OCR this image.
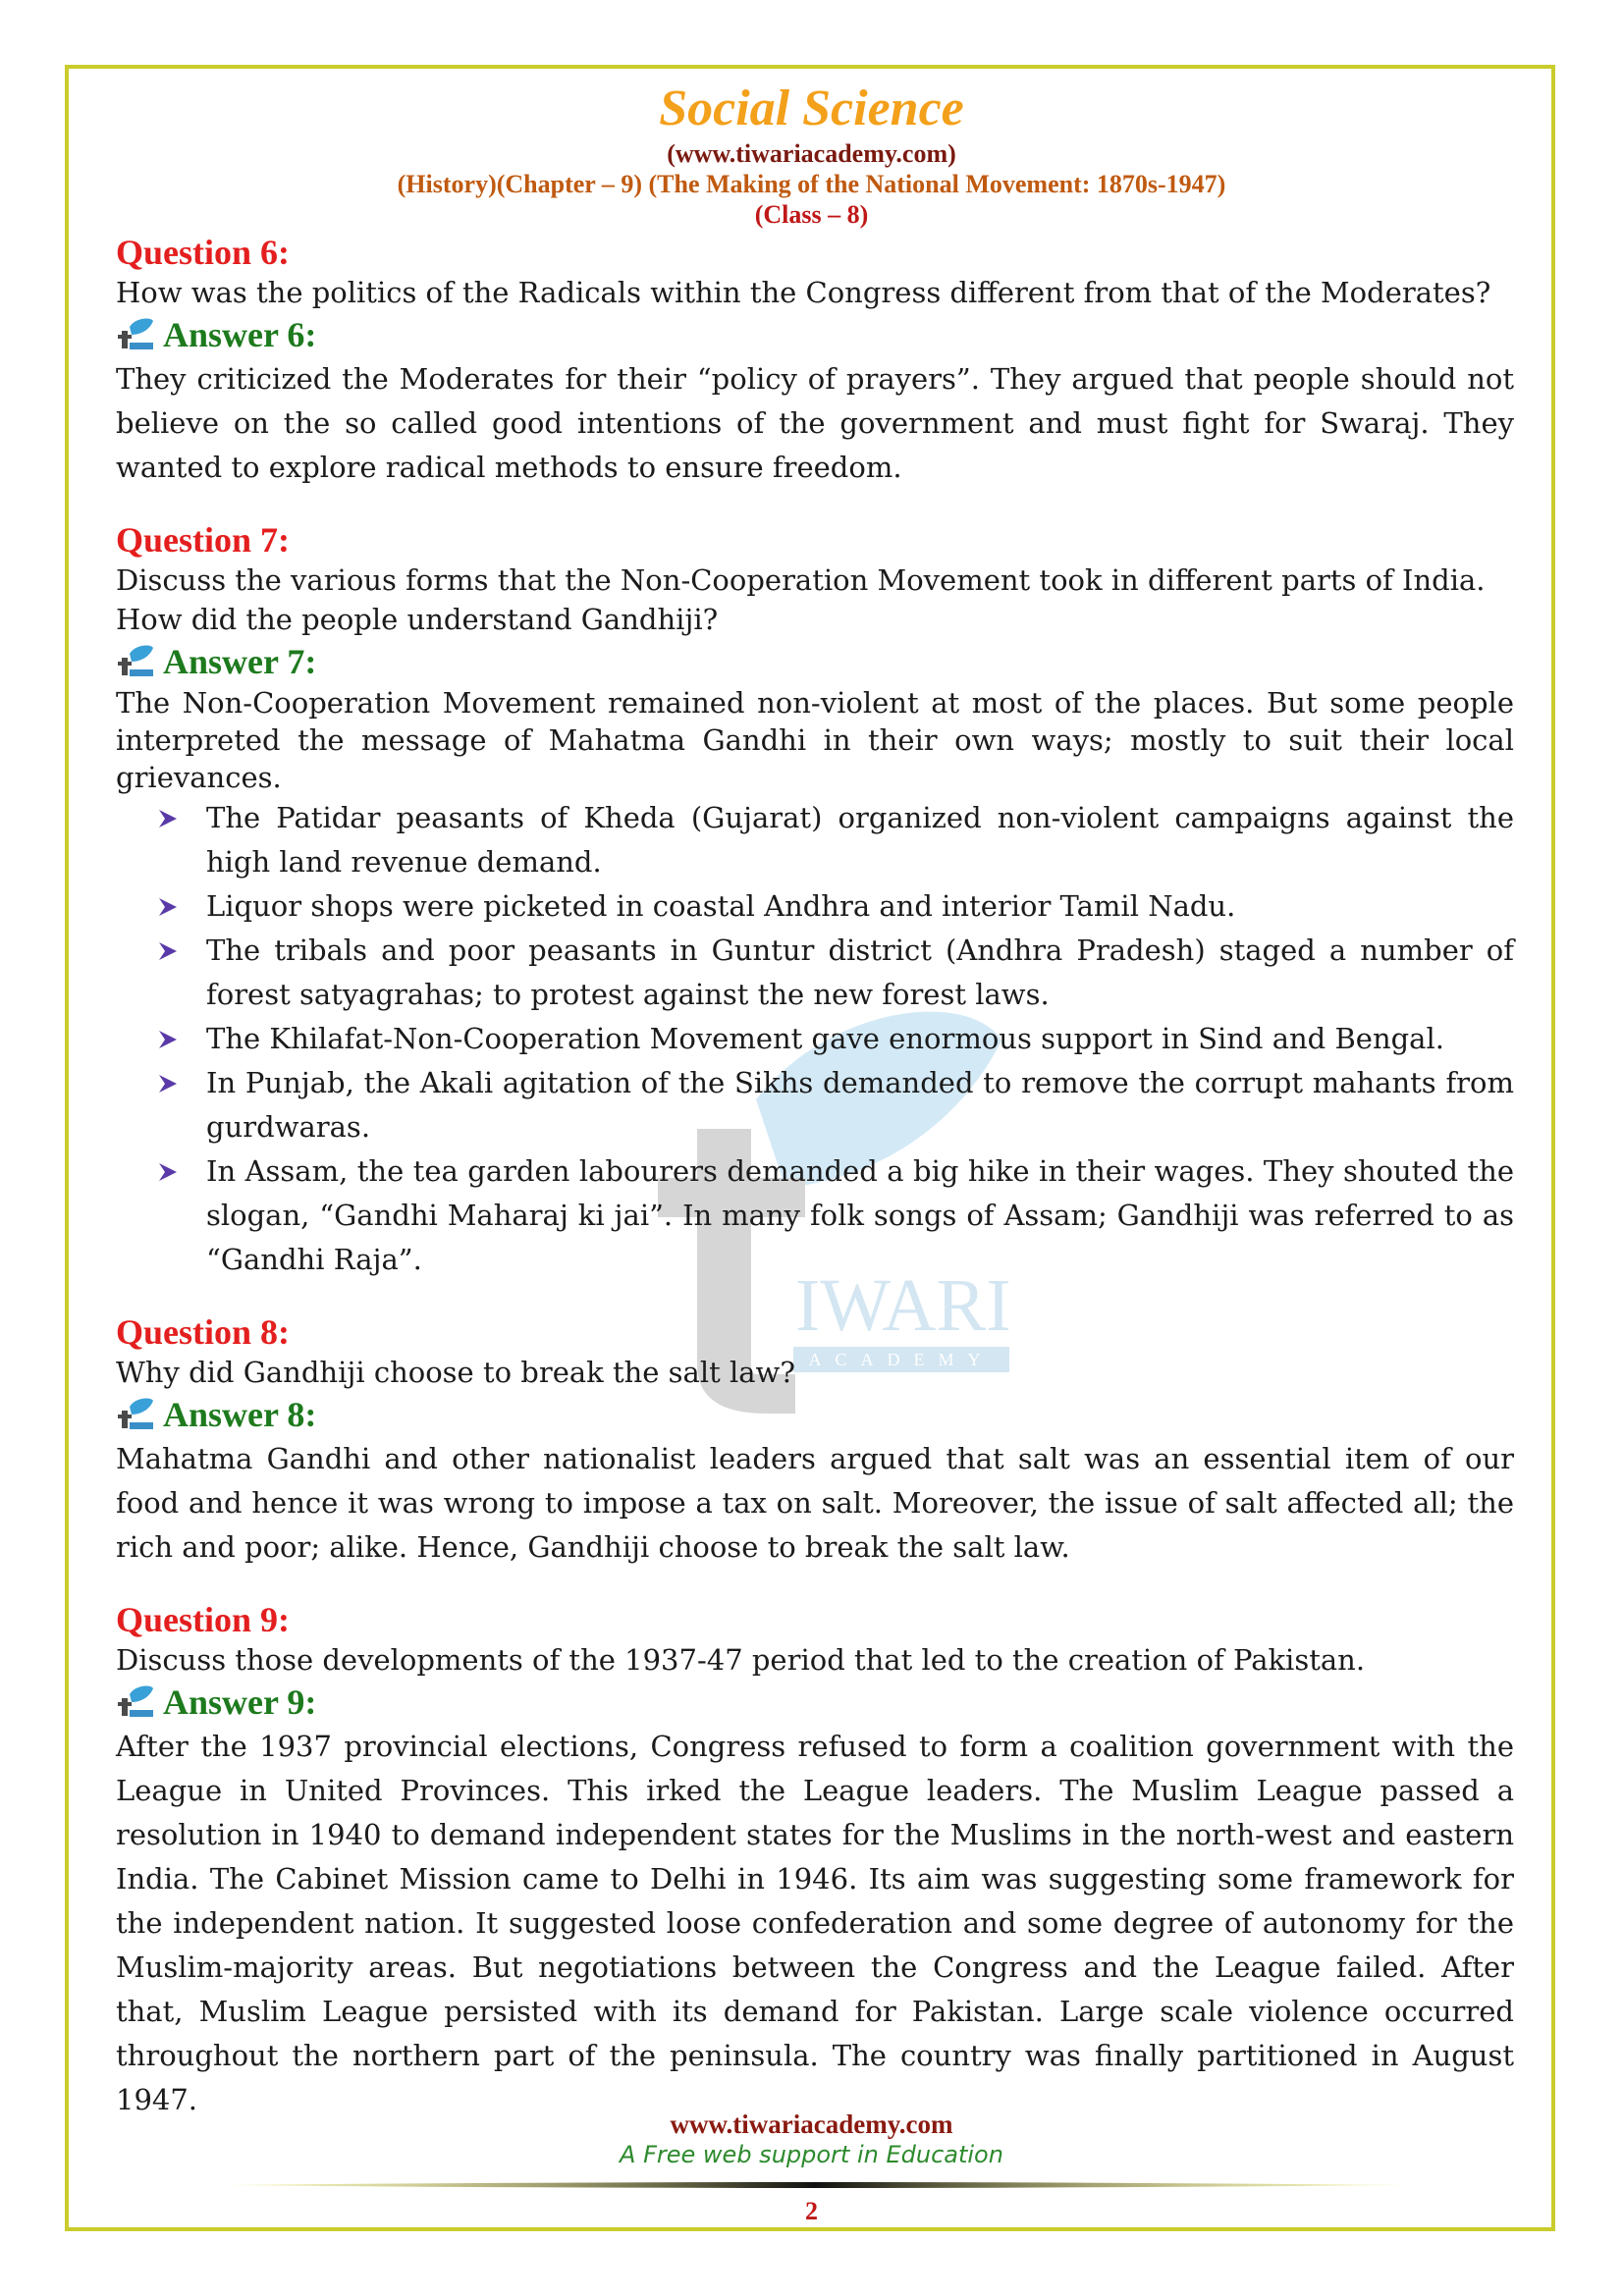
IWARI
ACADEMY
Social Science
(www.tiwariacademy.com)
(History)(Chapter – 9) (The Making of the National Movement: 1870s-1947)
(Class – 8)
Question 6:
How was the politics of the Radicals within the Congress different from that of the Moderates?
Answer 6:
They criticized the Moderates for their “policy of prayers”. They argued that people should not believe on the so called good intentions of the government and must fight for Swaraj. They wanted to explore radical methods to ensure freedom.
Question 7:
Discuss the various forms that the Non-Cooperation Movement took in different parts of India. How did the people understand Gandhiji?
Answer 7:
The Non-Cooperation Movement remained non-violent at most of the places. But some people interpreted the message of Mahatma Gandhi in their own ways; mostly to suit their local grievances.
The Patidar peasants of Kheda (Gujarat) organized non-violent campaigns against the high land revenue demand.
Liquor shops were picketed in coastal Andhra and interior Tamil Nadu.
The tribals and poor peasants in Guntur district (Andhra Pradesh) staged a number of forest satyagrahas; to protest against the new forest laws.
The Khilafat-Non-Cooperation Movement gave enormous support in Sind and Bengal.
In Punjab, the Akali agitation of the Sikhs demanded to remove the corrupt mahants from gurdwaras.
In Assam, the tea garden labourers demanded a big hike in their wages. They shouted the slogan, “Gandhi Maharaj ki jai”. In many folk songs of Assam; Gandhiji was referred to as “Gandhi Raja”.
Question 8:
Why did Gandhiji choose to break the salt law?
Answer 8:
Mahatma Gandhi and other nationalist leaders argued that salt was an essential item of our food and hence it was wrong to impose a tax on salt. Moreover, the issue of salt affected all; the rich and poor; alike. Hence, Gandhiji choose to break the salt law.
Question 9:
Discuss those developments of the 1937-47 period that led to the creation of Pakistan.
Answer 9:
After the 1937 provincial elections, Congress refused to form a coalition government with the League in United Provinces. This irked the League leaders. The Muslim League passed a resolution in 1940 to demand independent states for the Muslims in the north-west and eastern India. The Cabinet Mission came to Delhi in 1946. Its aim was suggesting some framework for the independent nation. It suggested loose confederation and some degree of autonomy for the Muslim-majority areas. But negotiations between the Congress and the League failed. After that, Muslim League persisted with its demand for Pakistan. Large scale violence occurred throughout the northern part of the peninsula. The country was finally partitioned in August 1947.
www.tiwariacademy.com
A Free web support in Education
2
